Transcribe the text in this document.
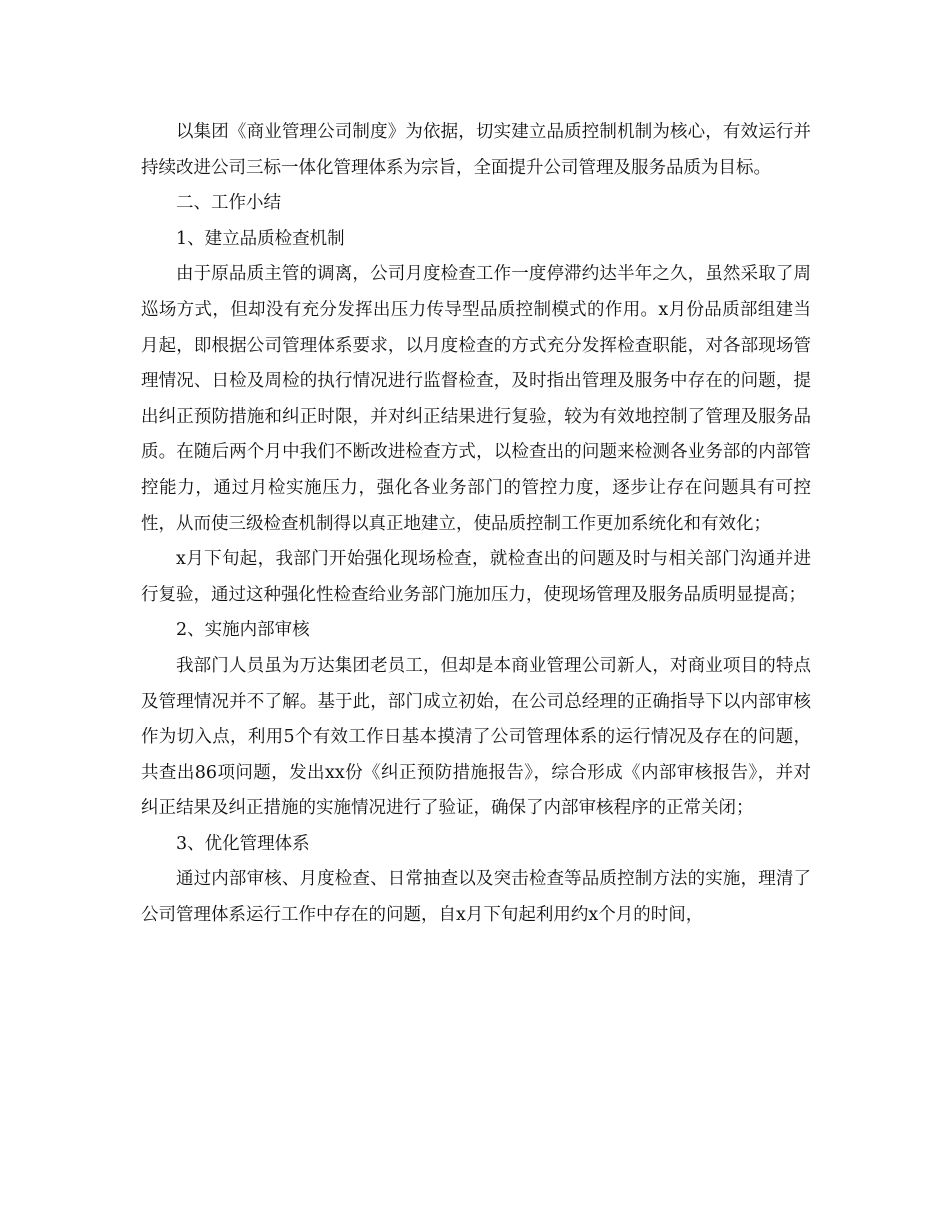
以集团《商业管理公司制度》为依据，切实建立品质控制机制为核心，有效运行并持续改进公司三标一体化管理体系为宗旨，全面提升公司管理及服务品质为目标。

二、工作小结

1、建立品质检查机制

由于原品质主管的调离，公司月度检查工作一度停滞约达半年之久，虽然采取了周巡场方式，但却没有充分发挥出压力传导型品质控制模式的作用。x月份品质部组建当月起，即根据公司管理体系要求，以月度检查的方式充分发挥检查职能，对各部现场管理情况、日检及周检的执行情况进行监督检查，及时指出管理及服务中存在的问题，提出纠正预防措施和纠正时限，并对纠正结果进行复验，较为有效地控制了管理及服务品质。在随后两个月中我们不断改进检查方式，以检查出的问题来检测各业务部的内部管控能力，通过月检实施压力，强化各业务部门的管控力度，逐步让存在问题具有可控性，从而使三级检查机制得以真正地建立，使品质控制工作更加系统化和有效化；

x月下旬起，我部门开始强化现场检查，就检查出的问题及时与相关部门沟通并进行复验，通过这种强化性检查给业务部门施加压力，使现场管理及服务品质明显提高；

2、实施内部审核

我部门人员虽为万达集团老员工，但却是本商业管理公司新人，对商业项目的特点及管理情况并不了解。基于此，部门成立初始，在公司总经理的正确指导下以内部审核作为切入点，利用5个有效工作日基本摸清了公司管理体系的运行情况及存在的问题，共查出86项问题，发出xx份《纠正预防措施报告》，综合形成《内部审核报告》，并对纠正结果及纠正措施的实施情况进行了验证，确保了内部审核程序的正常关闭；

3、优化管理体系

通过内部审核、月度检查、日常抽查以及突击检查等品质控制方法的实施，理清了公司管理体系运行工作中存在的问题，自x月下旬起利用约x个月的时间，
